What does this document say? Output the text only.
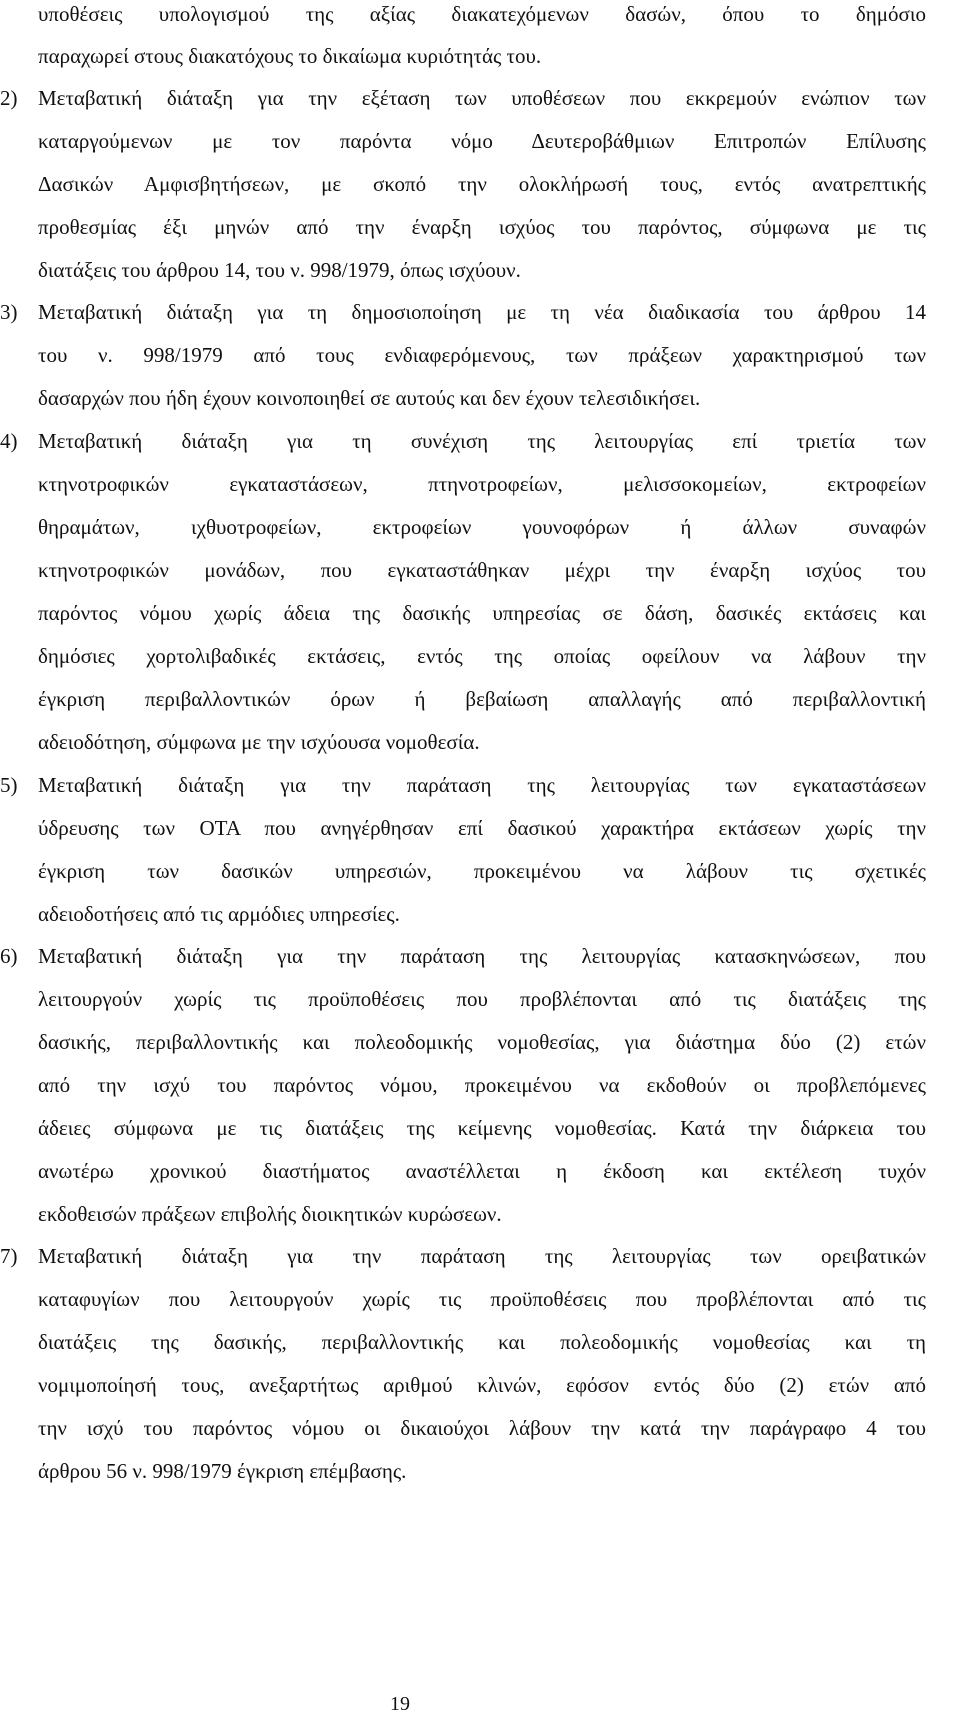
υποθέσεις υπολογισμού της αξίας διακατεχόμενων δασών, όπου το δημόσιο
παραχωρεί στους διακατόχους το δικαίωμα κυριότητάς του.
2) Μεταβατική διάταξη για την εξέταση των υποθέσεων που εκκρεμούν ενώπιον των
καταργούμενων με τον παρόντα νόμο Δευτεροβάθμιων Επιτροπών Επίλυσης
Δασικών Αμφισβητήσεων, με σκοπό την ολοκλήρωσή τους, εντός ανατρεπτικής
προθεσμίας έξι μηνών από την έναρξη ισχύος του παρόντος, σύμφωνα με τις
διατάξεις του άρθρου 14, του ν. 998/1979, όπως ισχύουν.
3) Μεταβατική διάταξη για τη δημοσιοποίηση με τη νέα διαδικασία του άρθρου 14
του ν. 998/1979 από τους ενδιαφερόμενους, των πράξεων χαρακτηρισμού των
δασαρχών που ήδη έχουν κοινοποιηθεί σε αυτούς και δεν έχουν τελεσιδικήσει.
4) Μεταβατική διάταξη για τη συνέχιση της λειτουργίας επί τριετία των
κτηνοτροφικών εγκαταστάσεων, πτηνοτροφείων, μελισσοκομείων, εκτροφείων
θηραμάτων, ιχθυοτροφείων, εκτροφείων γουνοφόρων ή άλλων συναφών
κτηνοτροφικών μονάδων, που εγκαταστάθηκαν μέχρι την έναρξη ισχύος του
παρόντος νόμου χωρίς άδεια της δασικής υπηρεσίας σε δάση, δασικές εκτάσεις και
δημόσιες χορτολιβαδικές εκτάσεις, εντός της οποίας οφείλουν να λάβουν την
έγκριση περιβαλλοντικών όρων ή βεβαίωση απαλλαγής από περιβαλλοντική
αδειοδότηση, σύμφωνα με την ισχύουσα νομοθεσία.
5) Μεταβατική διάταξη για την παράταση της λειτουργίας των εγκαταστάσεων
ύδρευσης των ΟΤΑ που ανηγέρθησαν επί δασικού χαρακτήρα εκτάσεων χωρίς την
έγκριση των δασικών υπηρεσιών, προκειμένου να λάβουν τις σχετικές
αδειοδοτήσεις από τις αρμόδιες υπηρεσίες.
6) Μεταβατική διάταξη για την παράταση της λειτουργίας κατασκηνώσεων, που
λειτουργούν χωρίς τις προϋποθέσεις που προβλέπονται από τις διατάξεις της
δασικής, περιβαλλοντικής και πολεοδομικής νομοθεσίας, για διάστημα δύο (2) ετών
από την ισχύ του παρόντος νόμου, προκειμένου να εκδοθούν οι προβλεπόμενες
άδειες σύμφωνα με τις διατάξεις της κείμενης νομοθεσίας. Κατά την διάρκεια του
ανωτέρω χρονικού διαστήματος αναστέλλεται η έκδοση και εκτέλεση τυχόν
εκδοθεισών πράξεων επιβολής διοικητικών κυρώσεων.
7) Μεταβατική διάταξη για την παράταση της λειτουργίας των ορειβατικών
καταφυγίων που λειτουργούν χωρίς τις προϋποθέσεις που προβλέπονται από τις
διατάξεις της δασικής, περιβαλλοντικής και πολεοδομικής νομοθεσίας και τη
νομιμοποίησή τους, ανεξαρτήτως αριθμού κλινών, εφόσον εντός δύο (2) ετών από
την ισχύ του παρόντος νόμου οι δικαιούχοι λάβουν την κατά την παράγραφο 4 του
άρθρου 56 ν. 998/1979 έγκριση επέμβασης.
19
